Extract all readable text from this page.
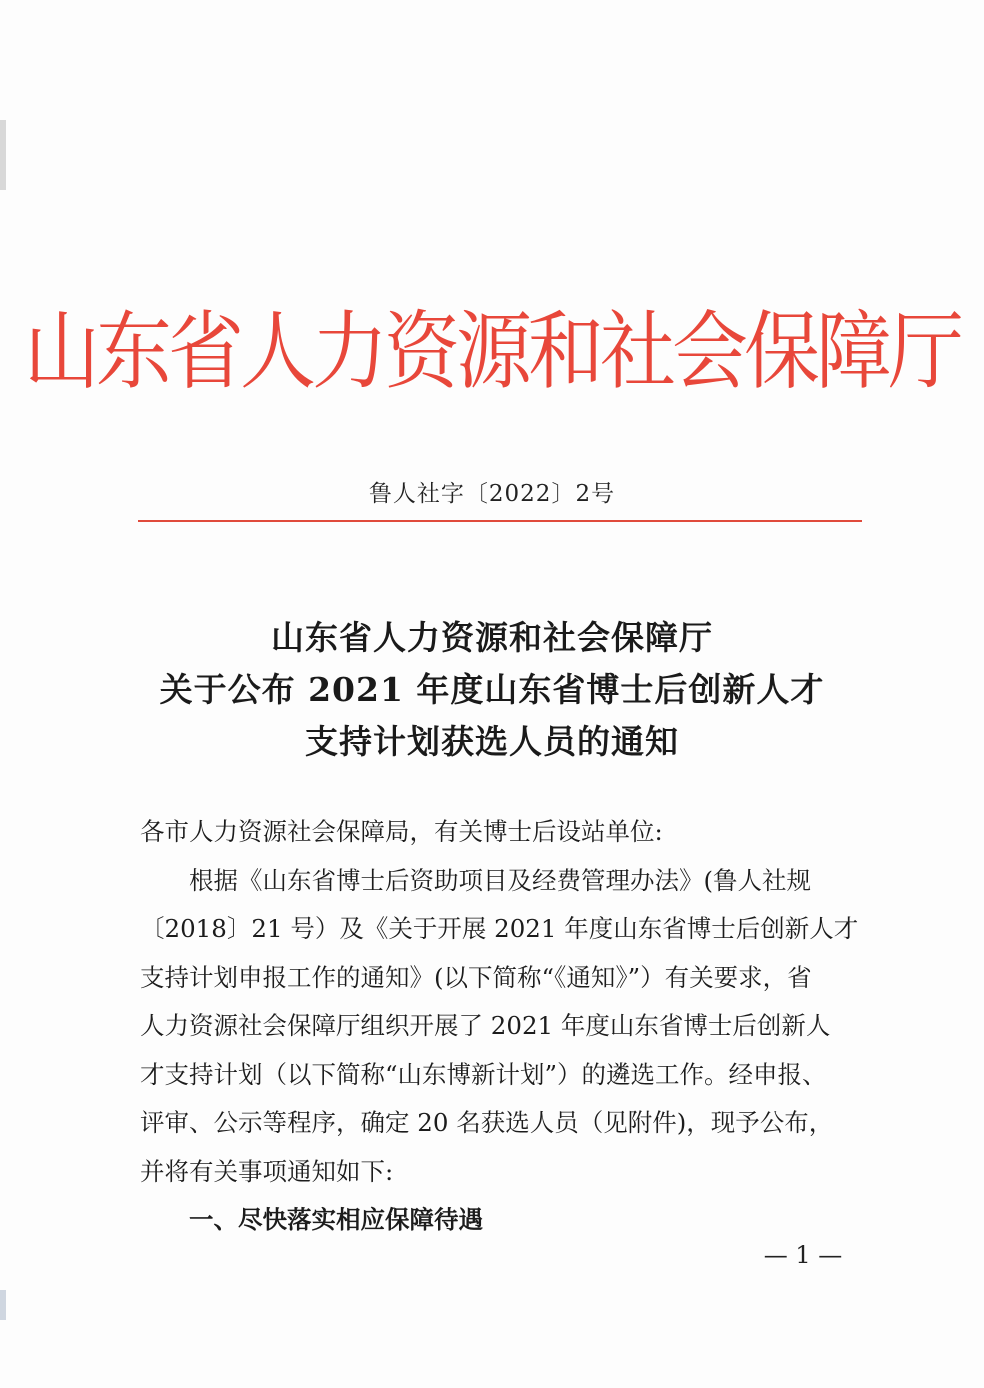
山东省人力资源和社会保障厅
鲁人社字〔2022〕2号
山东省人力资源和社会保障厅
关于公布 2021 年度山东省博士后创新人才
支持计划获选人员的通知
各市人力资源社会保障局，有关博士后设站单位:
根据《山东省博士后资助项目及经费管理办法》(鲁人社规
〔2018〕21 号）及《关于开展 2021 年度山东省博士后创新人才
支持计划申报工作的通知》(以下简称“《通知》”）有关要求，省
人力资源社会保障厅组织开展了 2021 年度山东省博士后创新人
才支持计划（以下简称“山东博新计划”）的遴选工作。经申报、
评审、公示等程序，确定 20 名获选人员（见附件)，现予公布，
并将有关事项通知如下:
一、尽快落实相应保障待遇
— 1 —
